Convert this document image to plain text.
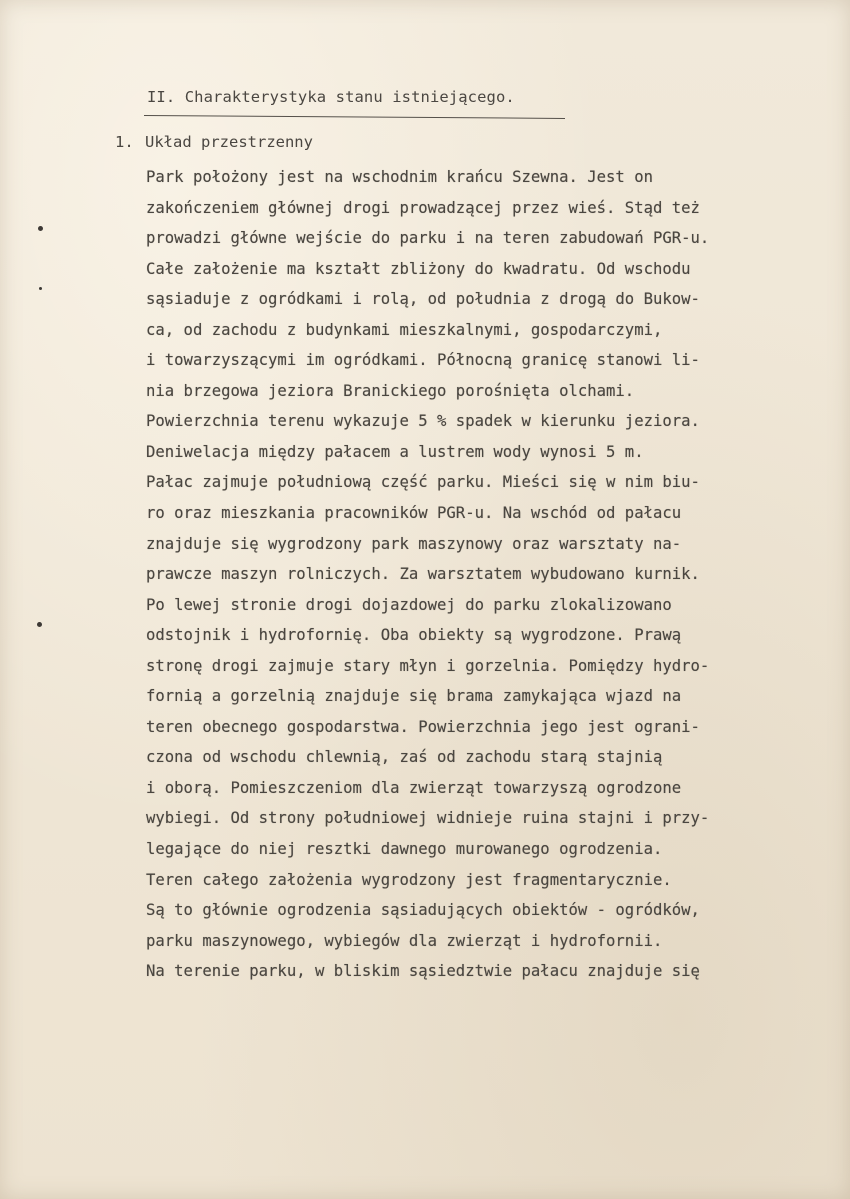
II. Charakterystyka stanu istniejącego.
1. Układ przestrzenny
Park położony jest na wschodnim krańcu Szewna. Jest on
zakończeniem głównej drogi prowadzącej przez wieś. Stąd też
prowadzi główne wejście do parku i na teren zabudowań PGR-u.
Całe założenie ma kształt zbliżony do kwadratu. Od wschodu
sąsiaduje z ogródkami i rolą, od południa z drogą do Bukow-
ca, od zachodu z budynkami mieszkalnymi, gospodarczymi,
i towarzyszącymi im ogródkami. Północną granicę stanowi li-
nia brzegowa jeziora Branickiego porośnięta olchami.
Powierzchnia terenu wykazuje 5 % spadek w kierunku jeziora.
Deniwelacja między pałacem a lustrem wody wynosi 5 m.
Pałac zajmuje południową część parku. Mieści się w nim biu-
ro oraz mieszkania pracowników PGR-u. Na wschód od pałacu
znajduje się wygrodzony park maszynowy oraz warsztaty na-
prawcze maszyn rolniczych. Za warsztatem wybudowano kurnik.
Po lewej stronie drogi dojazdowej do parku zlokalizowano
odstojnik i hydrofornię. Oba obiekty są wygrodzone. Prawą
stronę drogi zajmuje stary młyn i gorzelnia. Pomiędzy hydro-
fornią a gorzelnią znajduje się brama zamykająca wjazd na
teren obecnego gospodarstwa. Powierzchnia jego jest ograni-
czona od wschodu chlewnią, zaś od zachodu starą stajnią
i oborą. Pomieszczeniom dla zwierząt towarzyszą ogrodzone
wybiegi. Od strony południowej widnieje ruina stajni i przy-
legające do niej resztki dawnego murowanego ogrodzenia.
Teren całego założenia wygrodzony jest fragmentarycznie.
Są to głównie ogrodzenia sąsiadujących obiektów - ogródków,
parku maszynowego, wybiegów dla zwierząt i hydrofornii.
Na terenie parku, w bliskim sąsiedztwie pałacu znajduje się
